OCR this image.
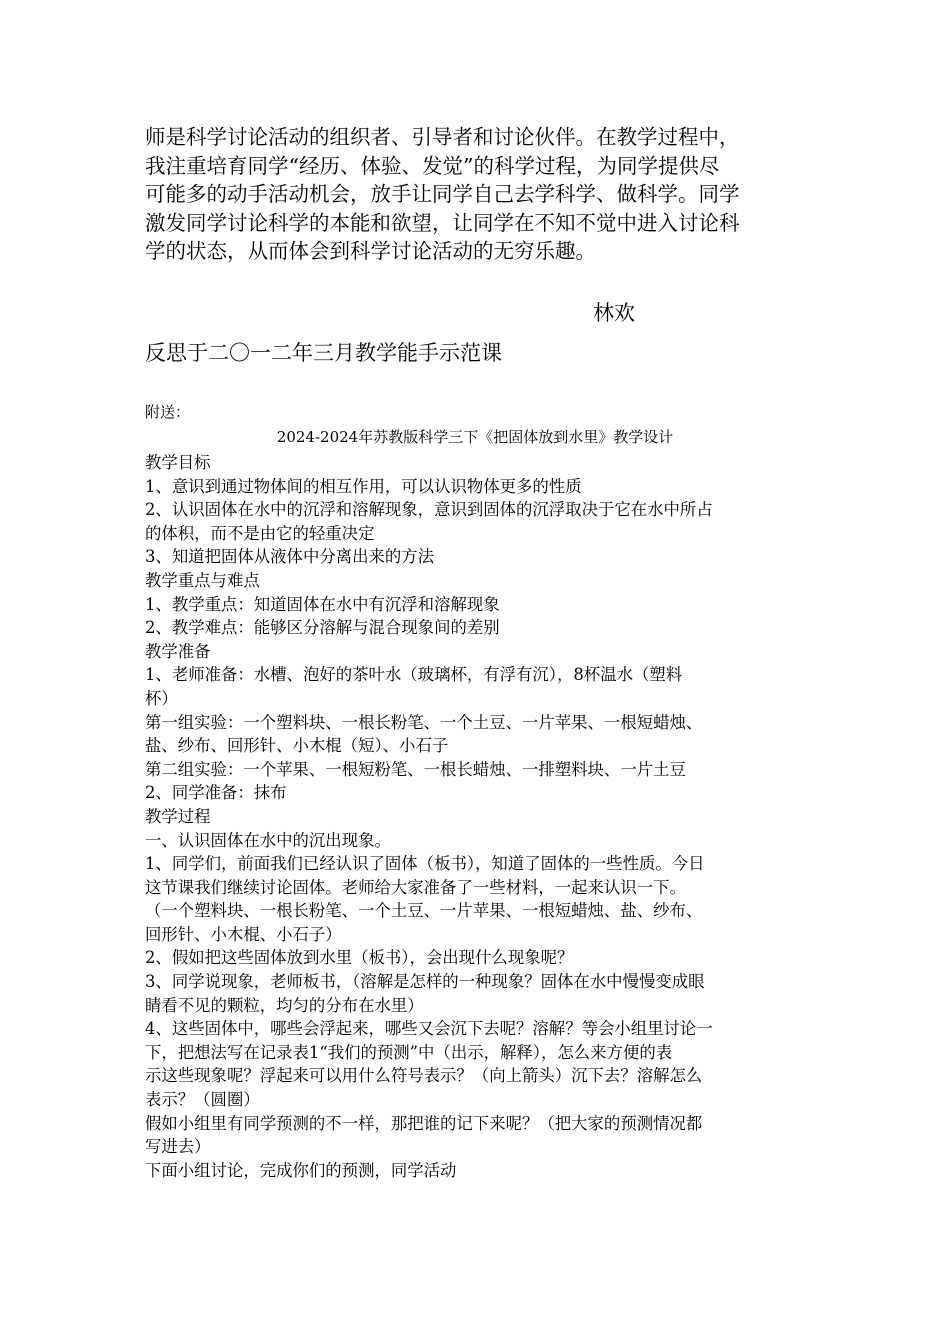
师是科学讨论活动的组织者、引导者和讨论伙伴。在教学过程中，
我注重培育同学“经历、体验、发觉”的科学过程，为同学提供尽
可能多的动手活动机会，放手让同学自己去学科学、做科学。同学
激发同学讨论科学的本能和欲望，让同学在不知不觉中进入讨论科
学的状态，从而体会到科学讨论活动的无穷乐趣。
林欢
反思于二〇一二年三月教学能手示范课
附送：
2024-2024年苏教版科学三下《把固体放到水里》教学设计
教学目标
1、意识到通过物体间的相互作用，可以认识物体更多的性质
2、认识固体在水中的沉浮和溶解现象，意识到固体的沉浮取决于它在水中所占
的体积，而不是由它的轻重决定
3、知道把固体从液体中分离出来的方法
教学重点与难点
1、教学重点：知道固体在水中有沉浮和溶解现象
2、教学难点：能够区分溶解与混合现象间的差别
教学准备
1、老师准备：水槽、泡好的茶叶水（玻璃杯，有浮有沉），8杯温水（塑料
杯）
第一组实验：一个塑料块、一根长粉笔、一个土豆、一片苹果、一根短蜡烛、
盐、纱布、回形针、小木棍（短）、小石子
第二组实验：一个苹果、一根短粉笔、一根长蜡烛、一排塑料块、一片土豆
2、同学准备：抹布
教学过程
一、认识固体在水中的沉出现象。
1、同学们，前面我们已经认识了固体（板书），知道了固体的一些性质。今日
这节课我们继续讨论固体。老师给大家准备了一些材料，一起来认识一下。
（一个塑料块、一根长粉笔、一个土豆、一片苹果、一根短蜡烛、盐、纱布、
回形针、小木棍、小石子）
2、假如把这些固体放到水里（板书），会出现什么现象呢？
3、同学说现象，老师板书，（溶解是怎样的一种现象？固体在水中慢慢变成眼
睛看不见的颗粒，均匀的分布在水里）
4、这些固体中，哪些会浮起来，哪些又会沉下去呢？溶解？等会小组里讨论一
下，把想法写在记录表1“我们的预测”中（出示，解释），怎么来方便的表
示这些现象呢？浮起来可以用什么符号表示？（向上箭头）沉下去？溶解怎么
表示？（圆圈）
假如小组里有同学预测的不一样，那把谁的记下来呢？（把大家的预测情况都
写进去）
下面小组讨论，完成你们的预测，同学活动
